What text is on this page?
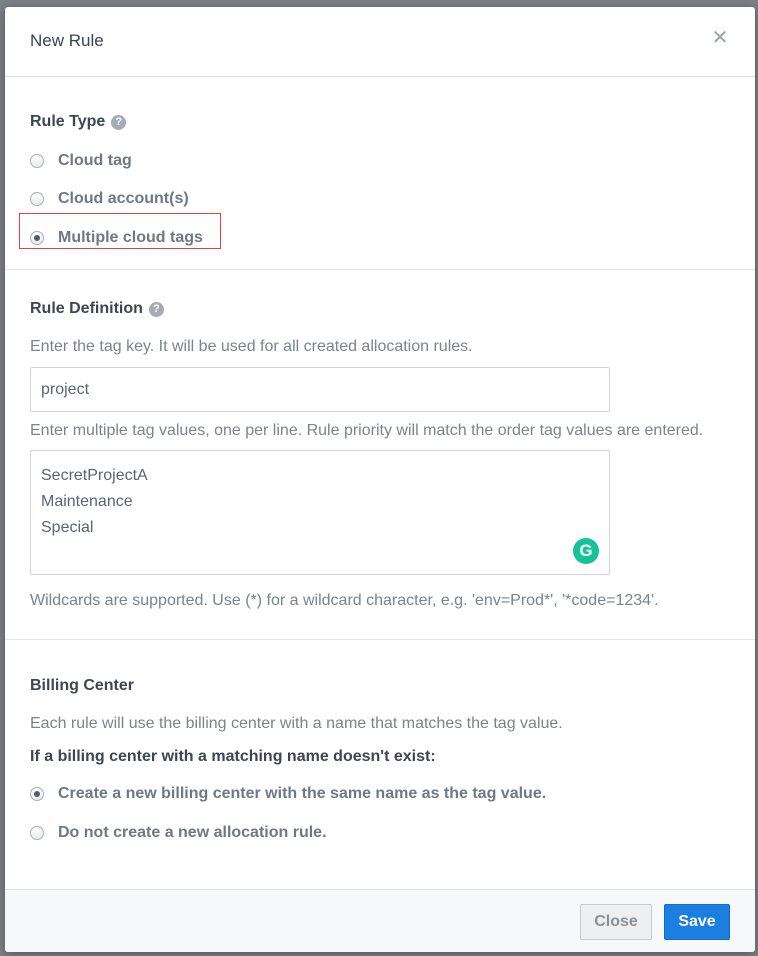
New Rule	✕
Rule Type ?
Cloud tag
Cloud account(s)
Multiple cloud tags
Rule Definition ?
Enter the tag key. It will be used for all created allocation rules.
project
Enter multiple tag values, one per line. Rule priority will match the order tag values are entered.
SecretProjectA
Maintenance
Special
G
Wildcards are supported. Use (*) for a wildcard character, e.g. 'env=Prod*', '*code=1234'.
Billing Center
Each rule will use the billing center with a name that matches the tag value.
If a billing center with a matching name doesn't exist:
Create a new billing center with the same name as the tag value.
Do not create a new allocation rule.
Close	Save
